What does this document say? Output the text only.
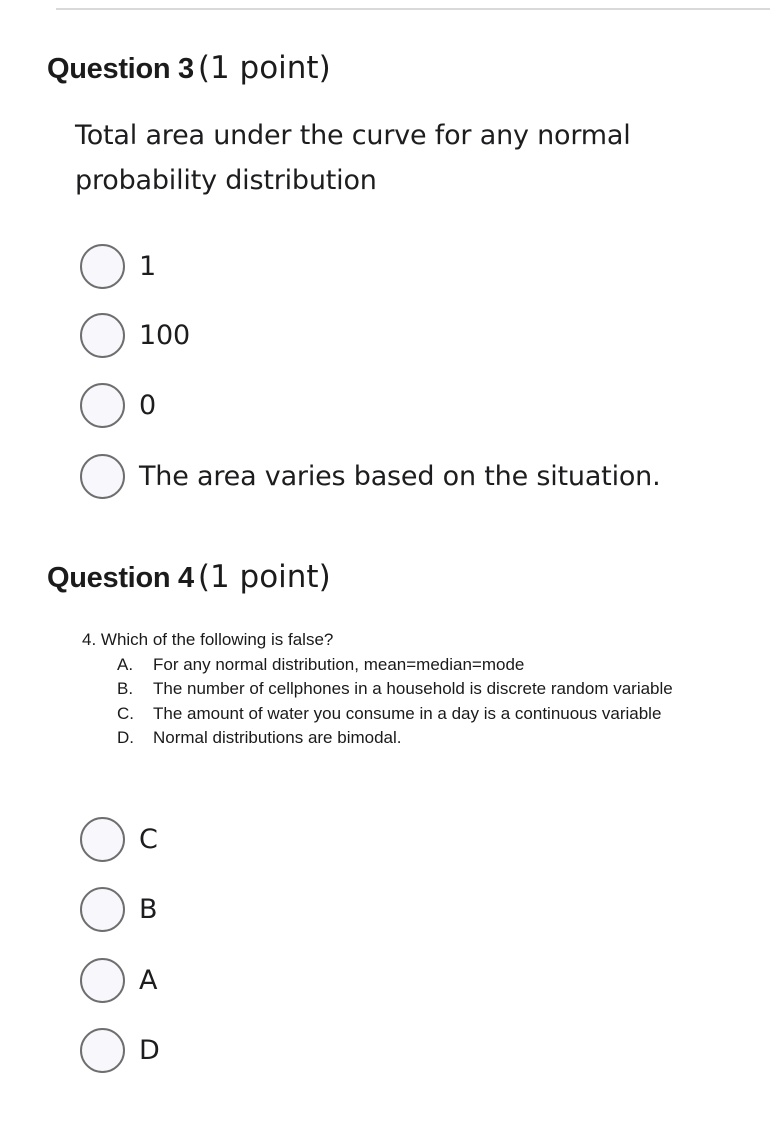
Question 3 (1 point)
Total area under the curve for any normal
probability distribution
1
100
0
The area varies based on the situation.
Question 4 (1 point)
4. Which of the following is false?
A. For any normal distribution, mean=median=mode
B. The number of cellphones in a household is discrete random variable
C. The amount of water you consume in a day is a continuous variable
D. Normal distributions are bimodal.
C
B
A
D
